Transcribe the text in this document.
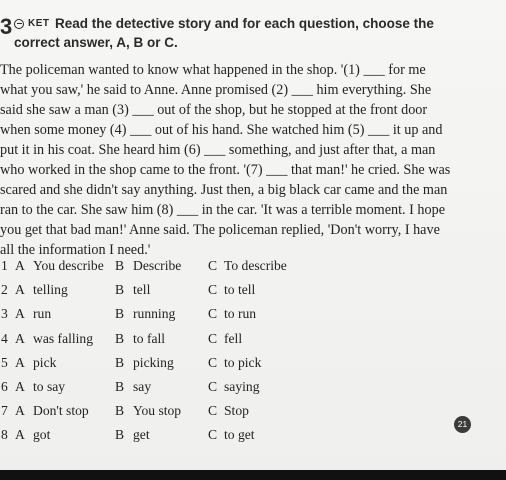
3 KET Read the detective story and for each question, choose the
correct answer, A, B or C.
The policeman wanted to know what happened in the shop. '(1) ___ for me
what you saw,' he said to Anne. Anne promised (2) ___ him everything. She
said she saw a man (3) ___ out of the shop, but he stopped at the front door
when some money (4) ___ out of his hand. She watched him (5) ___ it up and
put it in his coat. She heard him (6) ___ something, and just after that, a man
who worked in the shop came to the front. '(7) ___ that man!' he cried. She was
scared and she didn't say anything. Just then, a big black car came and the man
ran to the car. She saw him (8) ___ in the car. 'It was a terrible moment. I hope
you get that bad man!' Anne said. The policeman replied, 'Don't worry, I have
all the information I need.'
1 A You describe B Describe C To describe
2 A telling	B tell	C to tell
3 A run	B running C to run
4 A was falling B to fall	C fell
5 A pick	B picking	C to pick
6 A to say	B say	C saying
7 A Don't stop B You stop C Stop
8 A got	B get	C to get
21
